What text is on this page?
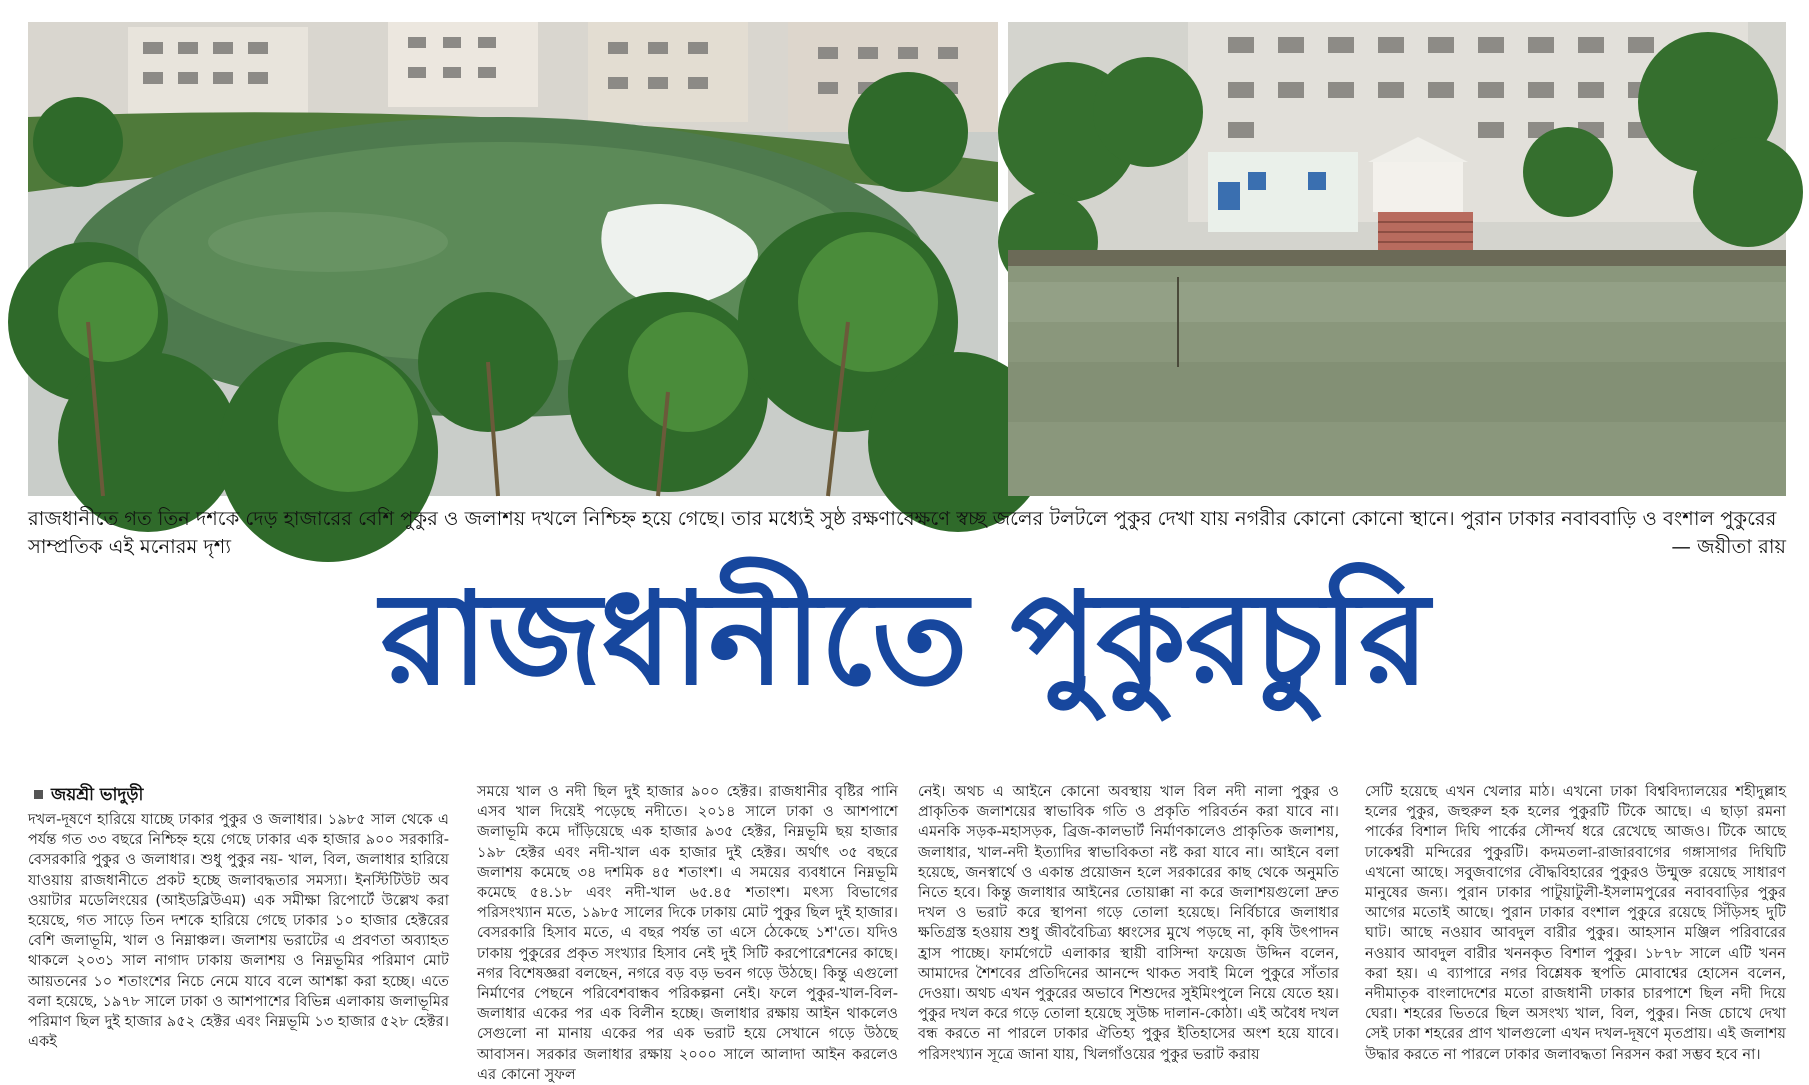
রাজধানীতে গত তিন দশকে দেড় হাজারের বেশি পুকুর ও জলাশয় দখলে নিশ্চিহ্ন হয়ে গেছে। তার মধ্যেই সুষ্ঠ রক্ষণাবেক্ষণে স্বচ্ছ জলের টলটলে পুকুর দেখা যায় নগরীর কোনো কোনো স্থানে। পুরান ঢাকার নবাববাড়ি ও বংশাল পুকুরের সাম্প্রতিক এই মনোরম দৃশ্য	— জয়ীতা রায়
রাজধানীতে পুকুরচুরি
জয়শ্রী ভাদুড়ী

দখল-দূষণে হারিয়ে যাচ্ছে ঢাকার পুকুর ও জলাধার। ১৯৮৫ সাল থেকে এ পর্যন্ত গত ৩৩ বছরে নিশ্চিহ্ন হয়ে গেছে ঢাকার এক হাজার ৯০০ সরকারি-বেসরকারি পুকুর ও জলাধার। শুধু পুকুর নয়- খাল, বিল, জলাধার হারিয়ে যাওয়ায় রাজধানীতে প্রকট হচ্ছে জলাবদ্ধতার সমস্যা। ইনস্টিটিউট অব ওয়াটার মডেলিংয়ের (আইডব্লিউএম) এক সমীক্ষা রিপোর্টে উল্লেখ করা হয়েছে, গত সাড়ে তিন দশকে হারিয়ে গেছে ঢাকার ১০ হাজার হেক্টরের বেশি জলাভূমি, খাল ও নিম্নাঞ্চল। জলাশয় ভরাটের এ প্রবণতা অব্যাহত থাকলে ২০৩১ সাল নাগাদ ঢাকায় জলাশয় ও নিম্নভূমির পরিমাণ মোট আয়তনের ১০ শতাংশের নিচে নেমে যাবে বলে আশঙ্কা করা হচ্ছে। এতে বলা হয়েছে, ১৯৭৮ সালে ঢাকা ও আশপাশের বিভিন্ন এলাকায় জলাভূমির পরিমাণ ছিল দুই হাজার ৯৫২ হেক্টর এবং নিম্নভূমি ১৩ হাজার ৫২৮ হেক্টর। একই

সময়ে খাল ও নদী ছিল দুই হাজার ৯০০ হেক্টর। রাজধানীর বৃষ্টির পানি এসব খাল দিয়েই পড়েছে নদীতে। ২০১৪ সালে ঢাকা ও আশপাশে জলাভূমি কমে দাঁড়িয়েছে এক হাজার ৯৩৫ হেক্টর, নিম্নভূমি ছয় হাজার ১৯৮ হেক্টর এবং নদী-খাল এক হাজার দুই হেক্টর। অর্থাৎ ৩৫ বছরে জলাশয় কমেছে ৩৪ দশমিক ৪৫ শতাংশ। এ সময়ের ব্যবধানে নিম্নভূমি কমেছে ৫৪.১৮ এবং নদী-খাল ৬৫.৪৫ শতাংশ। মৎস্য বিভাগের পরিসংখ্যান মতে, ১৯৮৫ সালের দিকে ঢাকায় মোট পুকুর ছিল দুই হাজার। বেসরকারি হিসাব মতে, এ বছর পর্যন্ত তা এসে ঠেকেছে ১শ'তে। যদিও ঢাকায় পুকুরের প্রকৃত সংখ্যার হিসাব নেই দুই সিটি করপোরেশনের কাছে। নগর বিশেষজ্ঞরা বলছেন, নগরে বড় বড় ভবন গড়ে উঠছে। কিন্তু এগুলো নির্মাণের পেছনে পরিবেশবান্ধব পরিকল্পনা নেই। ফলে পুকুর-খাল-বিল-জলাধার একের পর এক বিলীন হচ্ছে। জলাধার রক্ষায় আইন থাকলেও সেগুলো না মানায় একের পর এক ভরাট হয়ে সেখানে গড়ে উঠছে আবাসন। সরকার জলাধার রক্ষায় ২০০০ সালে আলাদা আইন করলেও এর কোনো সুফল

নেই। অথচ এ আইনে কোনো অবস্থায় খাল বিল নদী নালা পুকুর ও প্রাকৃতিক জলাশয়ের স্বাভাবিক গতি ও প্রকৃতি পরিবর্তন করা যাবে না। এমনকি সড়ক-মহাসড়ক, ব্রিজ-কালভার্ট নির্মাণকালেও প্রাকৃতিক জলাশয়, জলাধার, খাল-নদী ইত্যাদির স্বাভাবিকতা নষ্ট করা যাবে না। আইনে বলা হয়েছে, জনস্বার্থে ও একান্ত প্রয়োজন হলে সরকারের কাছ থেকে অনুমতি নিতে হবে। কিন্তু জলাধার আইনের তোয়াক্কা না করে জলাশয়গুলো দ্রুত দখল ও ভরাট করে স্থাপনা গড়ে তোলা হয়েছে। নির্বিচারে জলাধার ক্ষতিগ্রস্ত হওয়ায় শুধু জীববৈচিত্র্য ধ্বংসের মুখে পড়ছে না, কৃষি উৎপাদন হ্রাস পাচ্ছে। ফার্মগেটে এলাকার স্থায়ী বাসিন্দা ফয়েজ উদ্দিন বলেন, আমাদের শৈশবের প্রতিদিনের আনন্দে থাকত সবাই মিলে পুকুরে সাঁতার দেওয়া। অথচ এখন পুকুরের অভাবে শিশুদের সুইমিংপুলে নিয়ে যেতে হয়। পুকুর দখল করে গড়ে তোলা হয়েছে সুউচ্চ দালান-কোঠা। এই অবৈধ দখল বন্ধ করতে না পারলে ঢাকার ঐতিহ্য পুকুর ইতিহাসের অংশ হয়ে যাবে। পরিসংখ্যান সূত্রে জানা যায়, খিলগাঁওয়ের পুকুর ভরাট করায়

সেটি হয়েছে এখন খেলার মাঠ। এখনো ঢাকা বিশ্ববিদ্যালয়ের শহীদুল্লাহ হলের পুকুর, জহুরুল হক হলের পুকুরটি টিকে আছে। এ ছাড়া রমনা পার্কের বিশাল দিঘি পার্কের সৌন্দর্য ধরে রেখেছে আজও। টিকে আছে ঢাকেশ্বরী মন্দিরের পুকুরটি। কদমতলা-রাজারবাগের গঙ্গাসাগর দিঘিটি এখনো আছে। সবুজবাগের বৌদ্ধবিহারের পুকুরও উন্মুক্ত রয়েছে সাধারণ মানুষের জন্য। পুরান ঢাকার পাটুয়াটুলী-ইসলামপুরের নবাববাড়ির পুকুর আগের মতোই আছে। পুরান ঢাকার বংশাল পুকুরে রয়েছে সিঁড়িসহ দুটি ঘাট। আছে নওয়াব আবদুল বারীর পুকুর। আহসান মঞ্জিল পরিবারের নওয়াব আবদুল বারীর খননকৃত বিশাল পুকুর। ১৮৭৮ সালে এটি খনন করা হয়। এ ব্যাপারে নগর বিশ্লেষক স্থপতি মোবাশ্বের হোসেন বলেন, নদীমাতৃক বাংলাদেশের মতো রাজধানী ঢাকার চারপাশে ছিল নদী দিয়ে ঘেরা। শহরের ভিতরে ছিল অসংখ্য খাল, বিল, পুকুর। নিজ চোখে দেখা সেই ঢাকা শহরের প্রাণ খালগুলো এখন দখল-দূষণে মৃতপ্রায়। এই জলাশয় উদ্ধার করতে না পারলে ঢাকার জলাবদ্ধতা নিরসন করা সম্ভব হবে না।
